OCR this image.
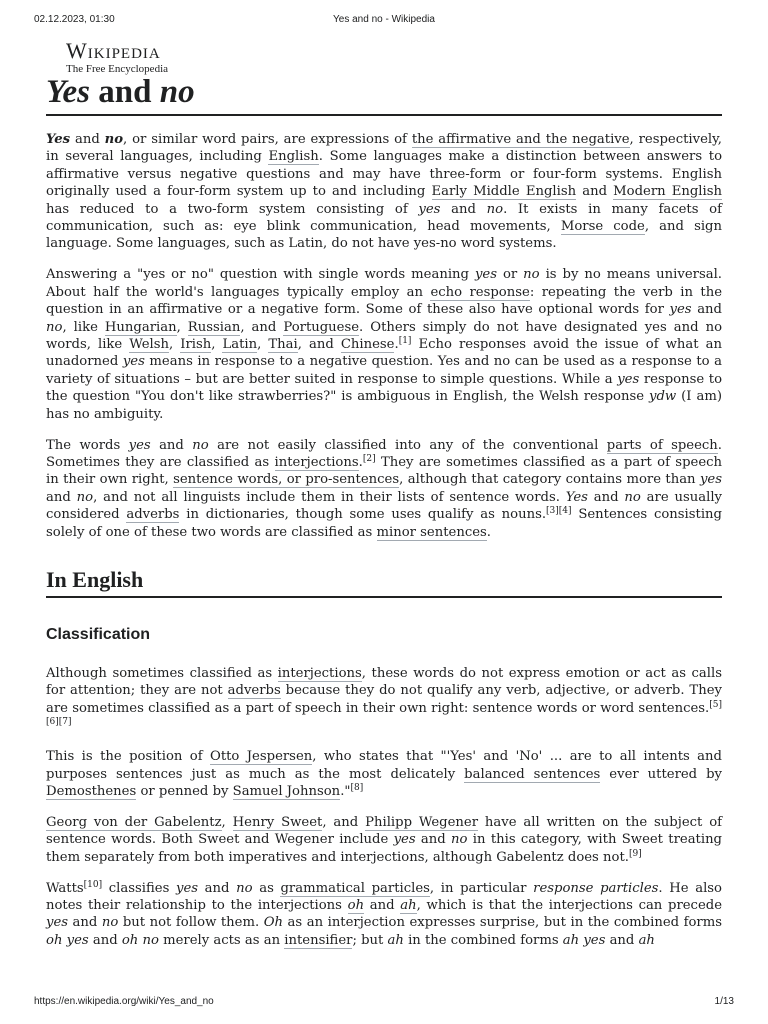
02.12.2023, 01:30	Yes and no - Wikipedia
Wikipedia
The Free Encyclopedia
Yes and no

Yes and no, or similar word pairs, are expressions of the affirmative and the negative, respectively, in several languages, including English. Some languages make a distinction between answers to affirmative versus negative questions and may have three-form or four-form systems. English originally used a four-form system up to and including Early Middle English and Modern English has reduced to a two-form system consisting of yes and no. It exists in many facets of communication, such as: eye blink communication, head movements, Morse code, and sign language. Some languages, such as Latin, do not have yes-no word systems.

Answering a "yes or no" question with single words meaning yes or no is by no means universal. About half the world's languages typically employ an echo response: repeating the verb in the question in an affirmative or a negative form. Some of these also have optional words for yes and no, like Hungarian, Russian, and Portuguese. Others simply do not have designated yes and no words, like Welsh, Irish, Latin, Thai, and Chinese.[1] Echo responses avoid the issue of what an unadorned yes means in response to a negative question. Yes and no can be used as a response to a variety of situations – but are better suited in response to simple questions. While a yes response to the question "You don't like strawberries?" is ambiguous in English, the Welsh response ydw (I am) has no ambiguity.

The words yes and no are not easily classified into any of the conventional parts of speech. Sometimes they are classified as interjections.[2] They are sometimes classified as a part of speech in their own right, sentence words, or pro-sentences, although that category contains more than yes and no, and not all linguists include them in their lists of sentence words. Yes and no are usually considered adverbs in dictionaries, though some uses qualify as nouns.[3][4] Sentences consisting solely of one of these two words are classified as minor sentences.

In English
Classification

Although sometimes classified as interjections, these words do not express emotion or act as calls for attention; they are not adverbs because they do not qualify any verb, adjective, or adverb. They are sometimes classified as a part of speech in their own right: sentence words or word sentences.[5][6][7]

This is the position of Otto Jespersen, who states that "'Yes' and 'No' ... are to all intents and purposes sentences just as much as the most delicately balanced sentences ever uttered by Demosthenes or penned by Samuel Johnson."[8]

Georg von der Gabelentz, Henry Sweet, and Philipp Wegener have all written on the subject of sentence words. Both Sweet and Wegener include yes and no in this category, with Sweet treating them separately from both imperatives and interjections, although Gabelentz does not.[9]

Watts[10] classifies yes and no as grammatical particles, in particular response particles. He also notes their relationship to the interjections oh and ah, which is that the interjections can precede yes and no but not follow them. Oh as an interjection expresses surprise, but in the combined forms oh yes and oh no merely acts as an intensifier; but ah in the combined forms ah yes and ah

https://en.wikipedia.org/wiki/Yes_and_no	1/13
